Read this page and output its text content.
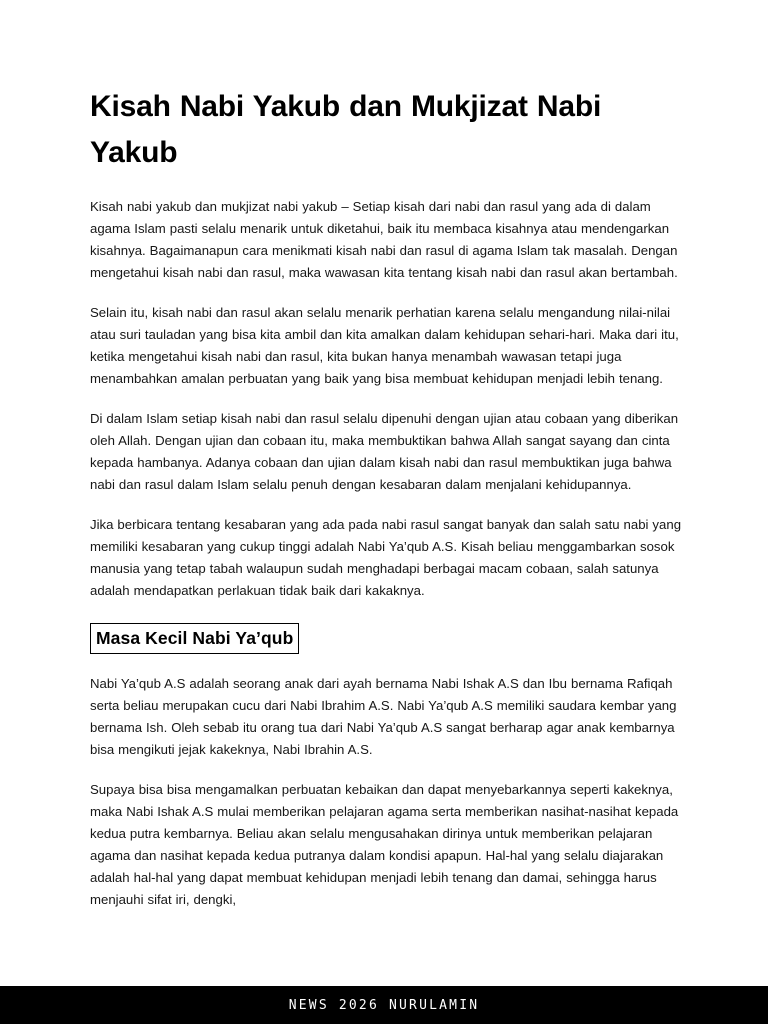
Kisah Nabi Yakub dan Mukjizat Nabi Yakub

Kisah nabi yakub dan mukjizat nabi yakub – Setiap kisah dari nabi dan rasul yang ada di dalam agama Islam pasti selalu menarik untuk diketahui, baik itu membaca kisahnya atau mendengarkan kisahnya. Bagaimanapun cara menikmati kisah nabi dan rasul di agama Islam tak masalah. Dengan mengetahui kisah nabi dan rasul, maka wawasan kita tentang kisah nabi dan rasul akan bertambah.

Selain itu, kisah nabi dan rasul akan selalu menarik perhatian karena selalu mengandung nilai-nilai atau suri tauladan yang bisa kita ambil dan kita amalkan dalam kehidupan sehari-hari. Maka dari itu, ketika mengetahui kisah nabi dan rasul, kita bukan hanya menambah wawasan tetapi juga menambahkan amalan perbuatan yang baik yang bisa membuat kehidupan menjadi lebih tenang.

Di dalam Islam setiap kisah nabi dan rasul selalu dipenuhi dengan ujian atau cobaan yang diberikan oleh Allah. Dengan ujian dan cobaan itu, maka membuktikan bahwa Allah sangat sayang dan cinta kepada hambanya. Adanya cobaan dan ujian dalam kisah nabi dan rasul membuktikan juga bahwa nabi dan rasul dalam Islam selalu penuh dengan kesabaran dalam menjalani kehidupannya.

Jika berbicara tentang kesabaran yang ada pada nabi rasul sangat banyak dan salah satu nabi yang memiliki kesabaran yang cukup tinggi adalah Nabi Ya’qub A.S. Kisah beliau menggambarkan sosok manusia yang tetap tabah walaupun sudah menghadapi berbagai macam cobaan, salah satunya adalah mendapatkan perlakuan tidak baik dari kakaknya.

Masa Kecil Nabi Ya’qub

Nabi Ya’qub A.S adalah seorang anak dari ayah bernama Nabi Ishak A.S dan Ibu bernama Rafiqah serta beliau merupakan cucu dari Nabi Ibrahim A.S. Nabi Ya’qub A.S memiliki saudara kembar yang bernama Ish. Oleh sebab itu orang tua dari Nabi Ya’qub A.S sangat berharap agar anak kembarnya bisa mengikuti jejak kakeknya, Nabi Ibrahin A.S.

Supaya bisa bisa mengamalkan perbuatan kebaikan dan dapat menyebarkannya seperti kakeknya, maka Nabi Ishak A.S mulai memberikan pelajaran agama serta memberikan nasihat-nasihat kepada kedua putra kembarnya. Beliau akan selalu mengusahakan dirinya untuk memberikan pelajaran agama dan nasihat kepada kedua putranya dalam kondisi apapun. Hal-hal yang selalu diajarakan adalah hal-hal yang dapat membuat kehidupan menjadi lebih tenang dan damai, sehingga harus menjauhi sifat iri, dengki,

NEWS 2026 NURULAMIN
